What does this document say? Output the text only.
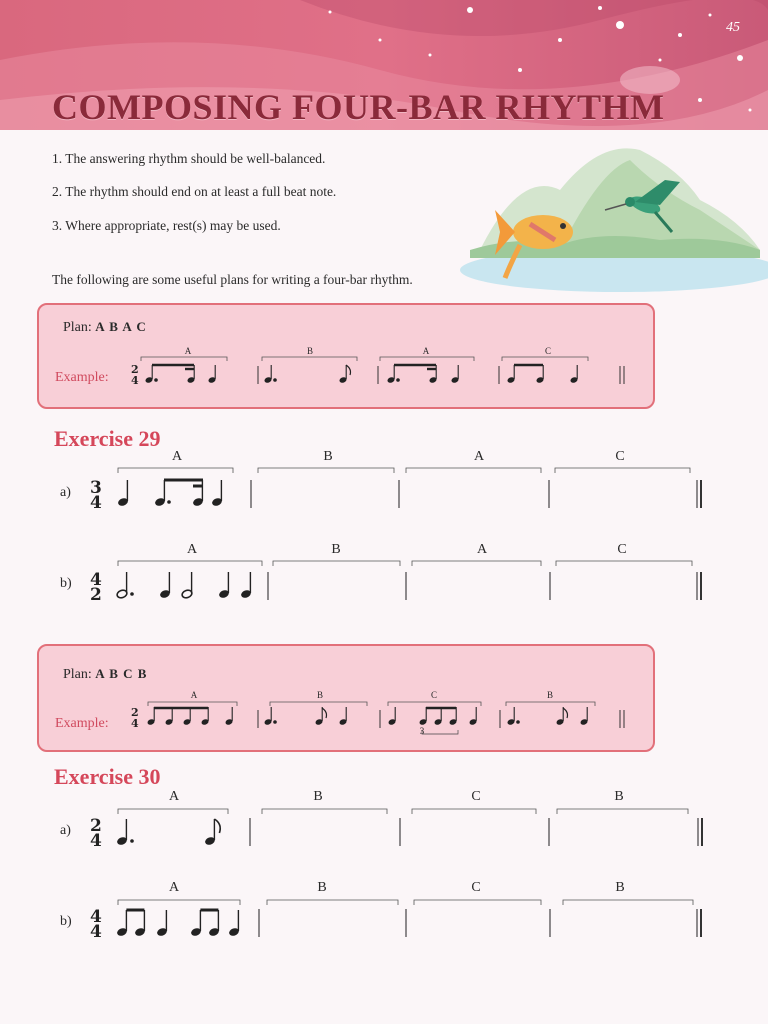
45
COMPOSING FOUR-BAR RHYTHM
1. The answering rhythm should be well-balanced.
2. The rhythm should end on at least a full beat note.
3. Where appropriate, rest(s) may be used.
The following are some useful plans for writing a four-bar rhythm.
Plan: A B A C
Example:
Exercise 29
Plan: A B C B
Example:
Exercise 30
A	B	A	C
A	B	A	C
a)
A	B	A	C
b)
A	B	C	B
3
A	B	C	B
a)
A	B	C	B
b)
2
4
3
4
4
2
2
4
2
4
4
4
